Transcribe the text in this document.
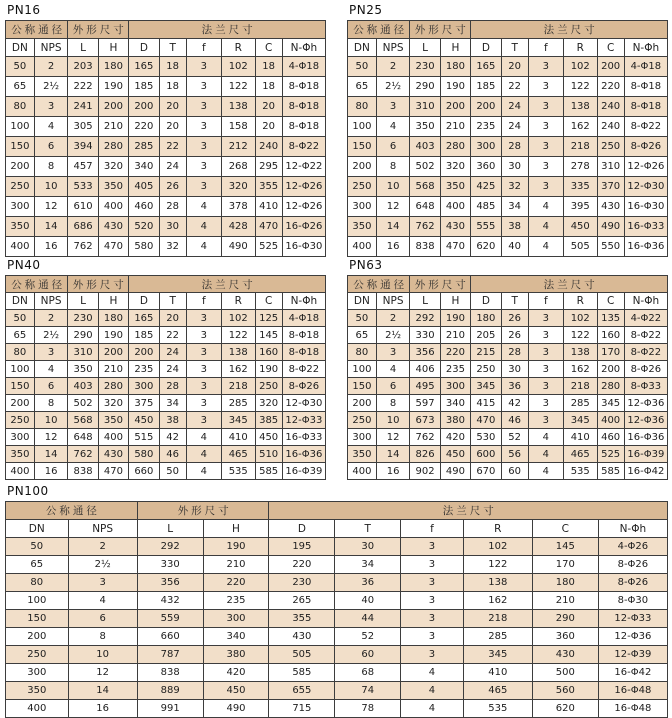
PN16
公称通径		外形尺寸		法兰尺寸					
DN	NPS	L	H	D	T	f	R	C	N-Φh
50	2	203	180	165	18	3	102	18	4-Φ18
65	2½	222	190	185	18	3	122	18	8-Φ18
80	3	241	200	200	20	3	138	20	8-Φ18
100	4	305	210	220	20	3	158	20	8-Φ18
150	6	394	280	285	22	3	212	240	8-Φ22
200	8	457	320	340	24	3	268	295	12-Φ22
250	10	533	350	405	26	3	320	355	12-Φ26
300	12	610	400	460	28	4	378	410	12-Φ26
350	14	686	430	520	30	4	428	470	16-Φ26
400	16	762	470	580	32	4	490	525	16-Φ30
PN25
公称通径		外形尺寸		法兰尺寸					
DN	NPS	L	H	D	T	f	R	C	N-Φh
50	2	230	180	165	20	3	102	200	4-Φ18
65	2½	290	190	185	22	3	122	220	8-Φ18
80	3	310	200	200	24	3	138	240	8-Φ18
100	4	350	210	235	24	3	162	240	8-Φ22
150	6	403	280	300	28	3	218	250	8-Φ26
200	8	502	320	360	30	3	278	310	12-Φ26
250	10	568	350	425	32	3	335	370	12-Φ30
300	12	648	400	485	34	4	395	430	16-Φ30
350	14	762	430	555	38	4	450	490	16-Φ33
400	16	838	470	620	40	4	505	550	16-Φ36
PN40
公称通径		外形尺寸		法兰尺寸					
DN	NPS	L	H	D	T	f	R	C	N-Φh
50	2	230	180	165	20	3	102	125	4-Φ18
65	2½	290	190	185	22	3	122	145	8-Φ18
80	3	310	200	200	24	3	138	160	8-Φ18
100	4	350	210	235	24	3	162	190	8-Φ22
150	6	403	280	300	28	3	218	250	8-Φ26
200	8	502	320	375	34	3	285	320	12-Φ30
250	10	568	350	450	38	3	345	385	12-Φ33
300	12	648	400	515	42	4	410	450	16-Φ33
350	14	762	430	580	46	4	465	510	16-Φ36
400	16	838	470	660	50	4	535	585	16-Φ39
PN63
公称通径		外形尺寸		法兰尺寸					
DN	NPS	L	H	D	T	f	R	C	N-Φh
50	2	292	190	180	26	3	102	135	4-Φ22
65	2½	330	210	205	26	3	122	160	8-Φ22
80	3	356	220	215	28	3	138	170	8-Φ22
100	4	406	235	250	30	3	162	200	8-Φ26
150	6	495	300	345	36	3	218	280	8-Φ33
200	8	597	340	415	42	3	285	345	12-Φ36
250	10	673	380	470	46	3	345	400	12-Φ36
300	12	762	420	530	52	4	410	460	16-Φ36
350	14	826	450	600	56	4	465	525	16-Φ39
400	16	902	490	670	60	4	535	585	16-Φ42
PN100
公称通径		外形尺寸		法兰尺寸					
DN	NPS	L	H	D	T	f	R	C	N-Φh
50	2	292	190	195	30	3	102	145	4-Φ26
65	2½	330	210	220	34	3	122	170	8-Φ26
80	3	356	220	230	36	3	138	180	8-Φ26
100	4	432	235	265	40	3	162	210	8-Φ30
150	6	559	300	355	44	3	218	290	12-Φ33
200	8	660	340	430	52	3	285	360	12-Φ36
250	10	787	380	505	60	3	345	430	12-Φ39
300	12	838	420	585	68	4	410	500	16-Φ42
350	14	889	450	655	74	4	465	560	16-Φ48
400	16	991	490	715	78	4	535	620	16-Φ48
